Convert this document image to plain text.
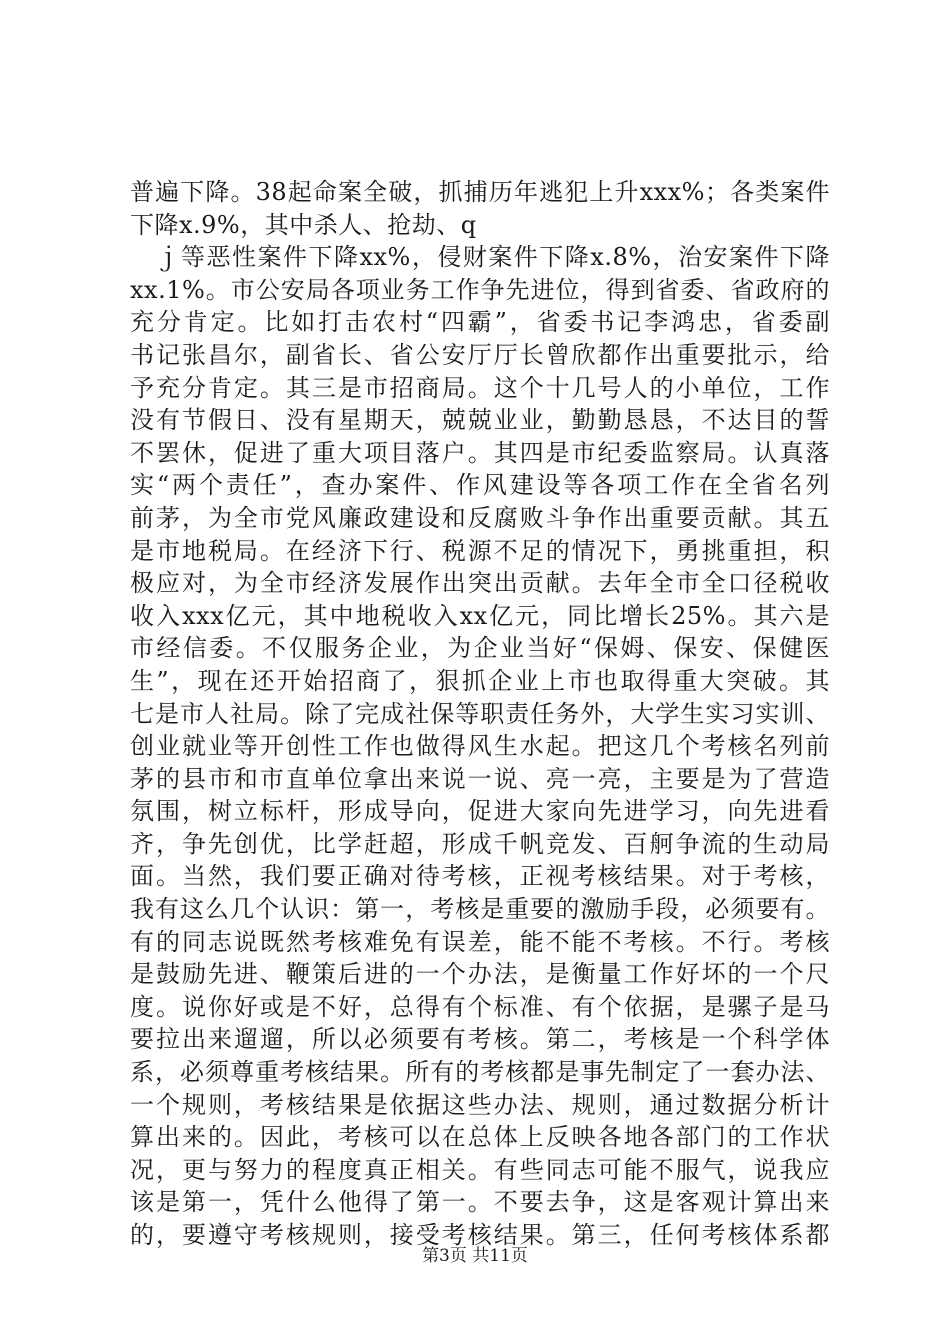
普遍下降。38起命案全破，抓捕历年逃犯上升xxx%；各类案件
下降x.9%，其中杀人、抢劫、q
　ｊ等恶性案件下降xx%，侵财案件下降x.8%，治安案件下降
xx.1%。市公安局各项业务工作争先进位，得到省委、省政府的
充分肯定。比如打击农村“四霸”，省委书记李鸿忠，省委副
书记张昌尔，副省长、省公安厅厅长曾欣都作出重要批示，给
予充分肯定。其三是市招商局。这个十几号人的小单位，工作
没有节假日、没有星期天，兢兢业业，勤勤恳恳，不达目的誓
不罢休，促进了重大项目落户。其四是市纪委监察局。认真落
实“两个责任”，查办案件、作风建设等各项工作在全省名列
前茅，为全市党风廉政建设和反腐败斗争作出重要贡献。其五
是市地税局。在经济下行、税源不足的情况下，勇挑重担，积
极应对，为全市经济发展作出突出贡献。去年全市全口径税收
收入xxx亿元，其中地税收入xx亿元，同比增长25%。其六是
市经信委。不仅服务企业，为企业当好“保姆、保安、保健医
生”，现在还开始招商了，狠抓企业上市也取得重大突破。其
七是市人社局。除了完成社保等职责任务外，大学生实习实训、
创业就业等开创性工作也做得风生水起。把这几个考核名列前
茅的县市和市直单位拿出来说一说、亮一亮，主要是为了营造
氛围，树立标杆，形成导向，促进大家向先进学习，向先进看
齐，争先创优，比学赶超，形成千帆竞发、百舸争流的生动局
面。当然，我们要正确对待考核，正视考核结果。对于考核，
我有这么几个认识：第一，考核是重要的激励手段，必须要有。
有的同志说既然考核难免有误差，能不能不考核。不行。考核
是鼓励先进、鞭策后进的一个办法，是衡量工作好坏的一个尺
度。说你好或是不好，总得有个标准、有个依据，是骡子是马
要拉出来遛遛，所以必须要有考核。第二，考核是一个科学体
系，必须尊重考核结果。所有的考核都是事先制定了一套办法、
一个规则，考核结果是依据这些办法、规则，通过数据分析计
算出来的。因此，考核可以在总体上反映各地各部门的工作状
况，更与努力的程度真正相关。有些同志可能不服气，说我应
该是第一，凭什么他得了第一。不要去争，这是客观计算出来
的，要遵守考核规则，接受考核结果。第三，任何考核体系都
第3页 共11页
